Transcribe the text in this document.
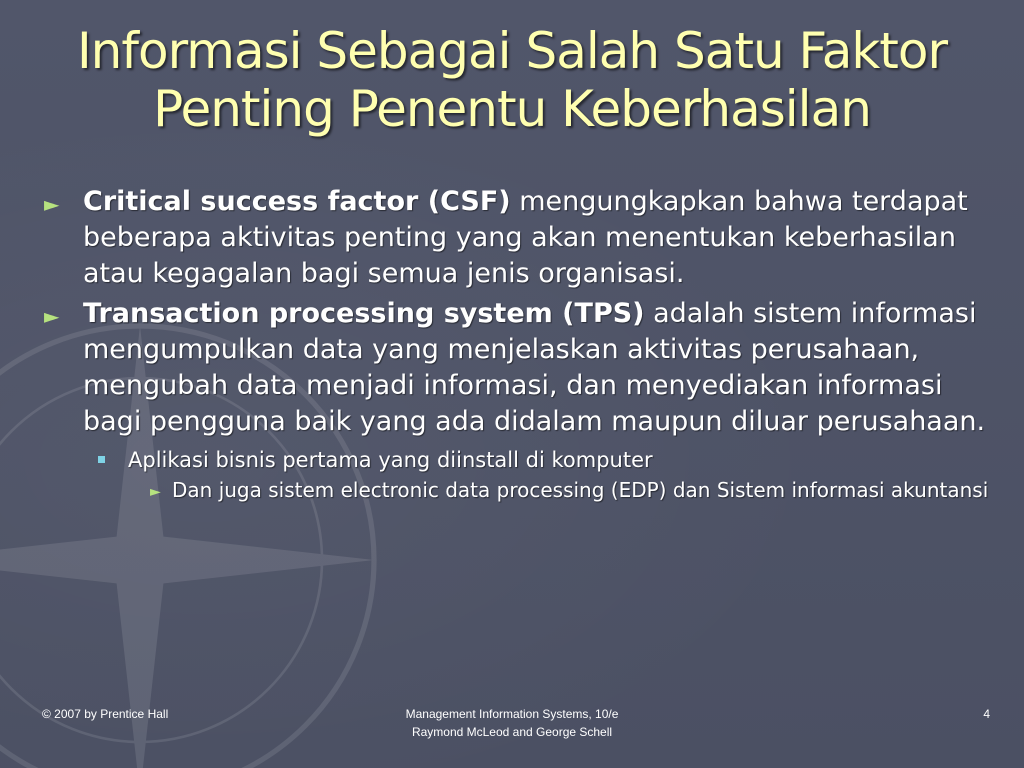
Informasi Sebagai Salah Satu Faktor
Penting Penentu Keberhasilan
► Critical success factor (CSF) mengungkapkan bahwa terdapat beberapa aktivitas penting yang akan menentukan keberhasilan atau kegagalan bagi semua jenis organisasi.
► Transaction processing system (TPS) adalah sistem informasi mengumpulkan data yang menjelaskan aktivitas perusahaan, mengubah data menjadi informasi, dan menyediakan informasi bagi pengguna baik yang ada didalam maupun diluar perusahaan.
Aplikasi bisnis pertama yang diinstall di komputer
► Dan juga sistem electronic data processing (EDP) dan Sistem informasi akuntansi
© 2007 by Prentice Hall	Management Information Systems, 10/e
Raymond McLeod and George Schell
4
